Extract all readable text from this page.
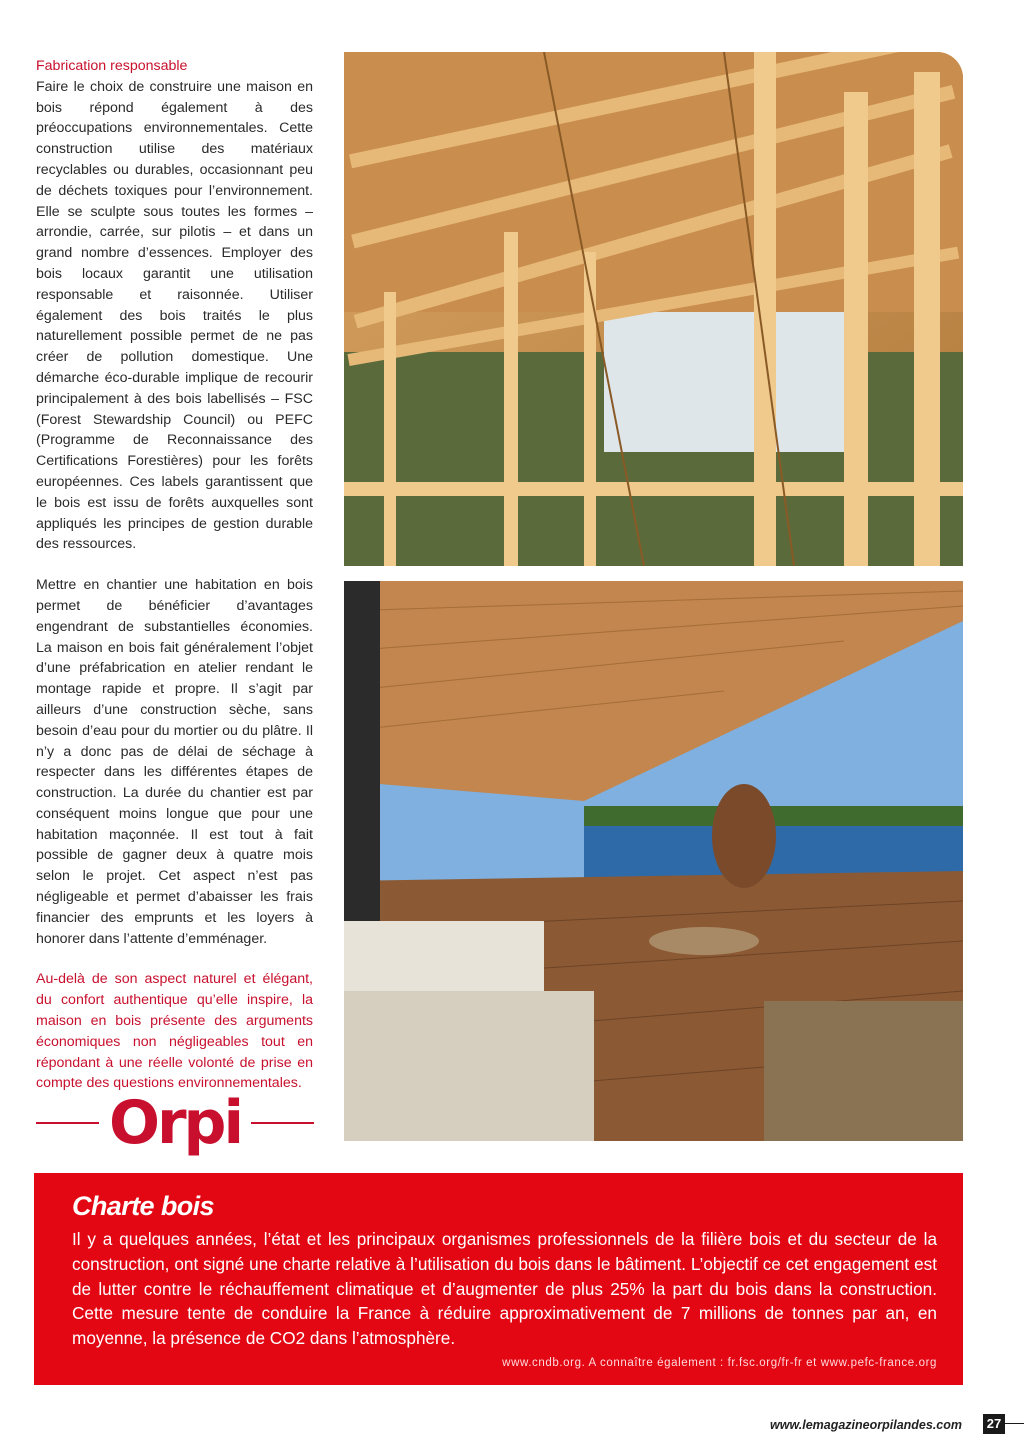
Fabrication responsable

Faire le choix de construire une maison en bois répond également à des préoccupations environnementales. Cette construction utilise des matériaux recyclables ou durables, occasionnant peu de déchets toxiques pour l’environnement. Elle se sculpte sous toutes les formes – arrondie, carrée, sur pilotis – et dans un grand nombre d’essences. Employer des bois locaux garantit une utilisation responsable et raisonnée. Utiliser également des bois traités le plus naturellement possible permet de ne pas créer de pollution domestique. Une démarche éco-durable implique de recourir principalement à des bois labellisés – FSC (Forest Stewardship Council) ou PEFC (Programme de Reconnaissance des Certifications Forestières) pour les forêts européennes. Ces labels garantissent que le bois est issu de forêts auxquelles sont appliqués les principes de gestion durable des ressources.

Mettre en chantier une habitation en bois permet de bénéficier d’avantages engendrant de substantielles économies. La maison en bois fait généralement l’objet d’une préfabrication en atelier rendant le montage rapide et propre. Il s’agit par ailleurs d’une construction sèche, sans besoin d’eau pour du mortier ou du plâtre. Il n’y a donc pas de délai de séchage à respecter dans les différentes étapes de construction. La durée du chantier est par conséquent moins longue que pour une habitation maçonnée. Il est tout à fait possible de gagner deux à quatre mois selon le projet. Cet aspect n’est pas négligeable et permet d’abaisser les frais financier des emprunts et les loyers à honorer dans l’attente d’emménager.

Au-delà de son aspect naturel et élégant, du confort authentique qu’elle inspire, la maison en bois présente des arguments économiques non négligeables tout en répondant à une réelle volonté de prise en compte des questions environnementales.

Orpi
Charte bois

Il y a quelques années, l’état et les principaux organismes professionnels de la filière bois et du secteur de la construction, ont signé une charte relative à l’utilisation du bois dans le bâtiment. L’objectif ce cet engagement est de lutter contre le réchauffement climatique et d’augmenter de plus 25% la part du bois dans la construction. Cette mesure tente de conduire la France à réduire approximativement de 7 millions de tonnes par an, en moyenne, la présence de CO2 dans l’atmosphère.

www.cndb.org. A connaître également : fr.fsc.org/fr-fr et www.pefc-france.org
www.lemagazineorpilandes.com 27
